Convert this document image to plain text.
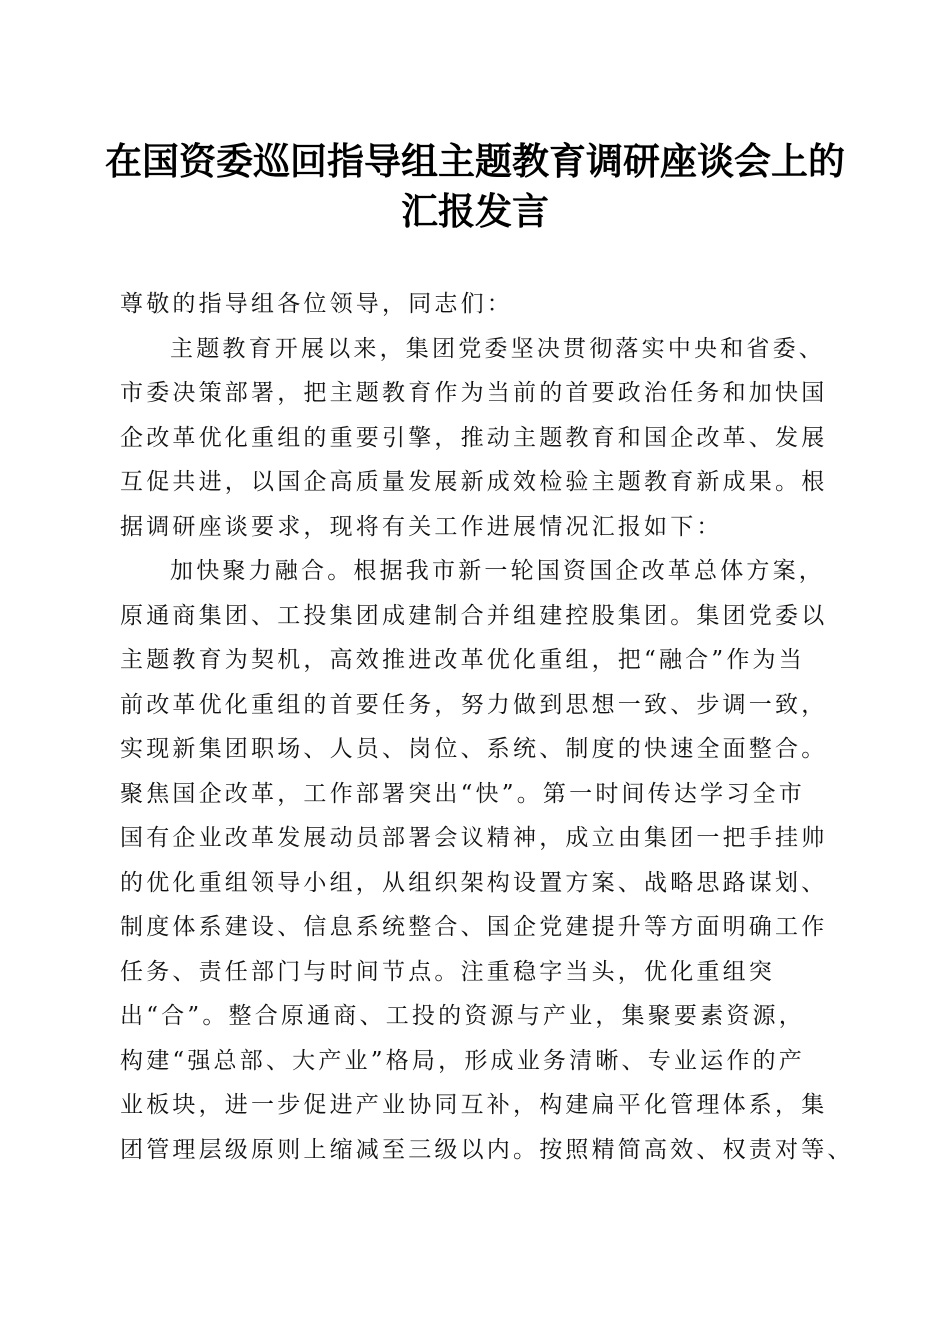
在国资委巡回指导组主题教育调研座谈会上的
汇报发言
尊敬的指导组各位领导，同志们：
主题教育开展以来，集团党委坚决贯彻落实中央和省委、
市委决策部署，把主题教育作为当前的首要政治任务和加快国
企改革优化重组的重要引擎，推动主题教育和国企改革、发展
互促共进，以国企高质量发展新成效检验主题教育新成果。根
据调研座谈要求，现将有关工作进展情况汇报如下：
加快聚力融合。根据我市新一轮国资国企改革总体方案，
原通商集团、工投集团成建制合并组建控股集团。集团党委以
主题教育为契机，高效推进改革优化重组，把“融合”作为当
前改革优化重组的首要任务，努力做到思想一致、步调一致，
实现新集团职场、人员、岗位、系统、制度的快速全面整合。
聚焦国企改革，工作部署突出“快”。第一时间传达学习全市
国有企业改革发展动员部署会议精神，成立由集团一把手挂帅
的优化重组领导小组，从组织架构设置方案、战略思路谋划、
制度体系建设、信息系统整合、国企党建提升等方面明确工作
任务、责任部门与时间节点。注重稳字当头，优化重组突
出“合”。整合原通商、工投的资源与产业，集聚要素资源，
构建“强总部、大产业”格局，形成业务清晰、专业运作的产
业板块，进一步促进产业协同互补，构建扁平化管理体系，集
团管理层级原则上缩减至三级以内。按照精简高效、权责对等、
